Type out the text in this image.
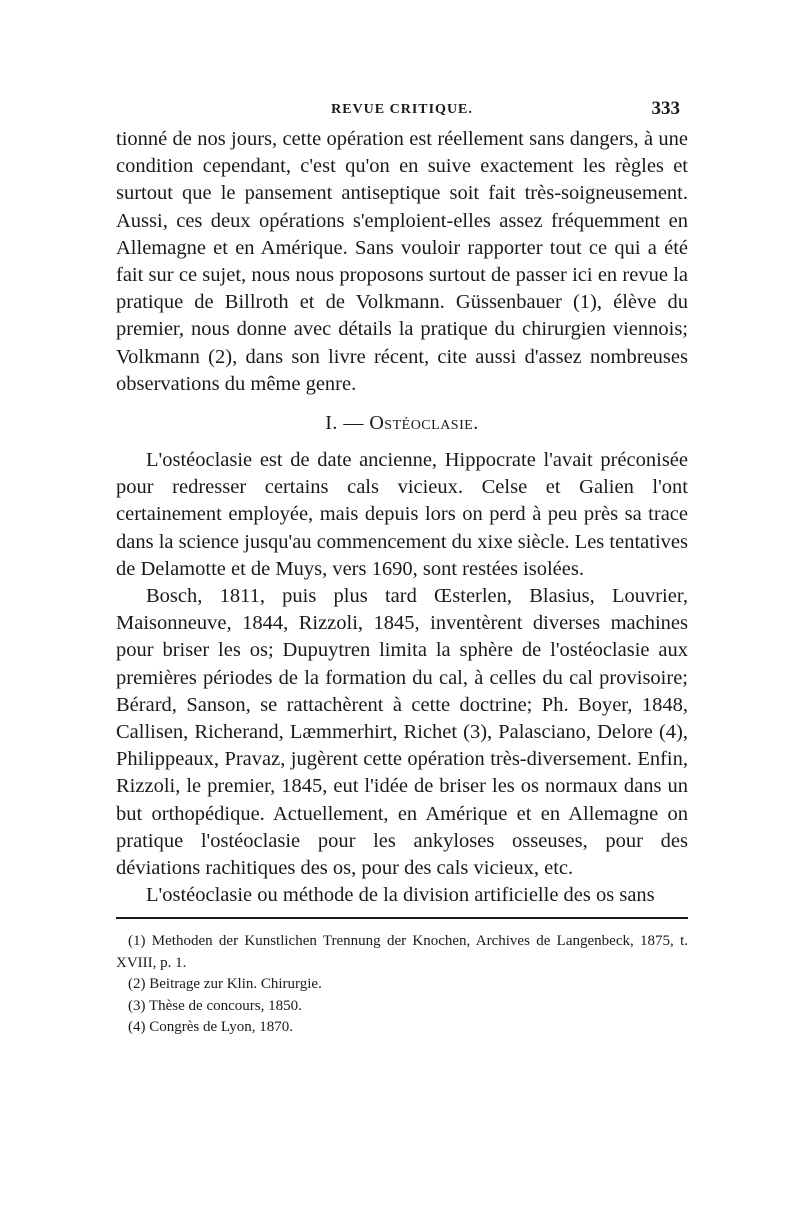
REVUE CRITIQUE.	333

tionné de nos jours, cette opération est réellement sans dangers, à une condition cependant, c'est qu'on en suive exactement les règles et surtout que le pansement antiseptique soit fait très-soigneusement. Aussi, ces deux opérations s'emploient-elles assez fréquemment en Allemagne et en Amérique. Sans vouloir rapporter tout ce qui a été fait sur ce sujet, nous nous proposons surtout de passer ici en revue la pratique de Billroth et de Volkmann. Güssenbauer (1), élève du premier, nous donne avec détails la pratique du chirurgien viennois; Volkmann (2), dans son livre récent, cite aussi d'assez nombreuses observations du même genre.

I. — Ostéoclasie.

L'ostéoclasie est de date ancienne, Hippocrate l'avait préconisée pour redresser certains cals vicieux. Celse et Galien l'ont certainement employée, mais depuis lors on perd à peu près sa trace dans la science jusqu'au commencement du xixe siècle. Les tentatives de Delamotte et de Muys, vers 1690, sont restées isolées.

Bosch, 1811, puis plus tard Œsterlen, Blasius, Louvrier, Maisonneuve, 1844, Rizzoli, 1845, inventèrent diverses machines pour briser les os; Dupuytren limita la sphère de l'ostéoclasie aux premières périodes de la formation du cal, à celles du cal provisoire; Bérard, Sanson, se rattachèrent à cette doctrine; Ph. Boyer, 1848, Callisen, Richerand, Læmmerhirt, Richet (3), Palasciano, Delore (4), Philippeaux, Pravaz, jugèrent cette opération très-diversement. Enfin, Rizzoli, le premier, 1845, eut l'idée de briser les os normaux dans un but orthopédique. Actuellement, en Amérique et en Allemagne on pratique l'ostéoclasie pour les ankyloses osseuses, pour des déviations rachitiques des os, pour des cals vicieux, etc.

L'ostéoclasie ou méthode de la division artificielle des os sans

(1) Methoden der Kunstlichen Trennung der Knochen, Archives de Langenbeck, 1875, t. XVIII, p. 1.

(2) Beitrage zur Klin. Chirurgie.

(3) Thèse de concours, 1850.

(4) Congrès de Lyon, 1870.
